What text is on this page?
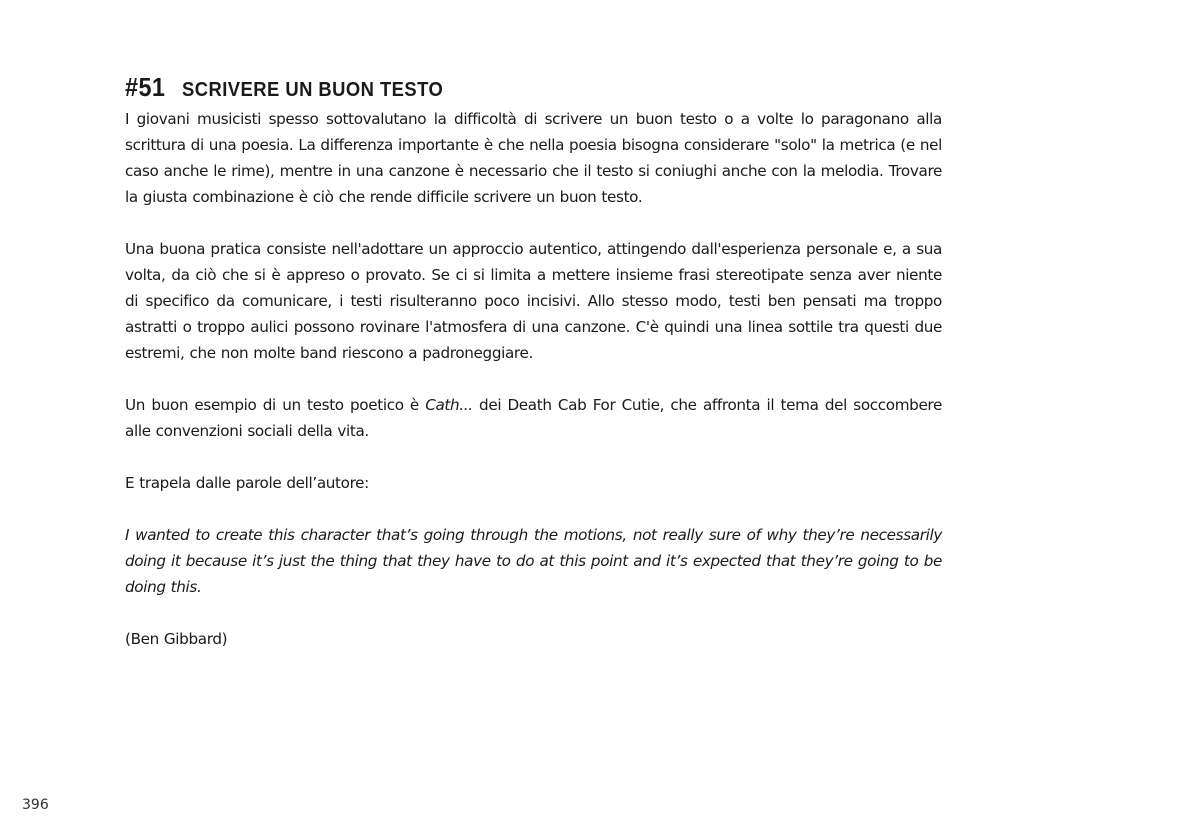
#51 SCRIVERE UN BUON TESTO

I giovani musicisti spesso sottovalutano la difficoltà di scrivere un buon testo o a volte lo paragonano alla scrittura di una poesia. La differenza importante è che nella poesia bisogna considerare "solo" la metrica (e nel caso anche le rime), mentre in una canzone è necessario che il testo si coniughi anche con la melodia. Trovare la giusta combinazione è ciò che rende difficile scrivere un buon testo.

Una buona pratica consiste nell'adottare un approccio autentico, attingendo dall'esperienza personale e, a sua volta, da ciò che si è appreso o provato. Se ci si limita a mettere insieme frasi stereotipate senza aver niente di specifico da comunicare, i testi risulteranno poco incisivi. Allo stesso modo, testi ben pensati ma troppo astratti o troppo aulici possono rovinare l'atmosfera di una canzone. C'è quindi una linea sottile tra questi due estremi, che non molte band riescono a padroneggiare.

Un buon esempio di un testo poetico è Cath... dei Death Cab For Cutie, che affronta il tema del soccombere alle convenzioni sociali della vita.

E trapela dalle parole dell’autore:

I wanted to create this character that’s going through the motions, not really sure of why they’re necessarily doing it because it’s just the thing that they have to do at this point and it’s expected that they’re going to be doing this.

(Ben Gibbard)

396
